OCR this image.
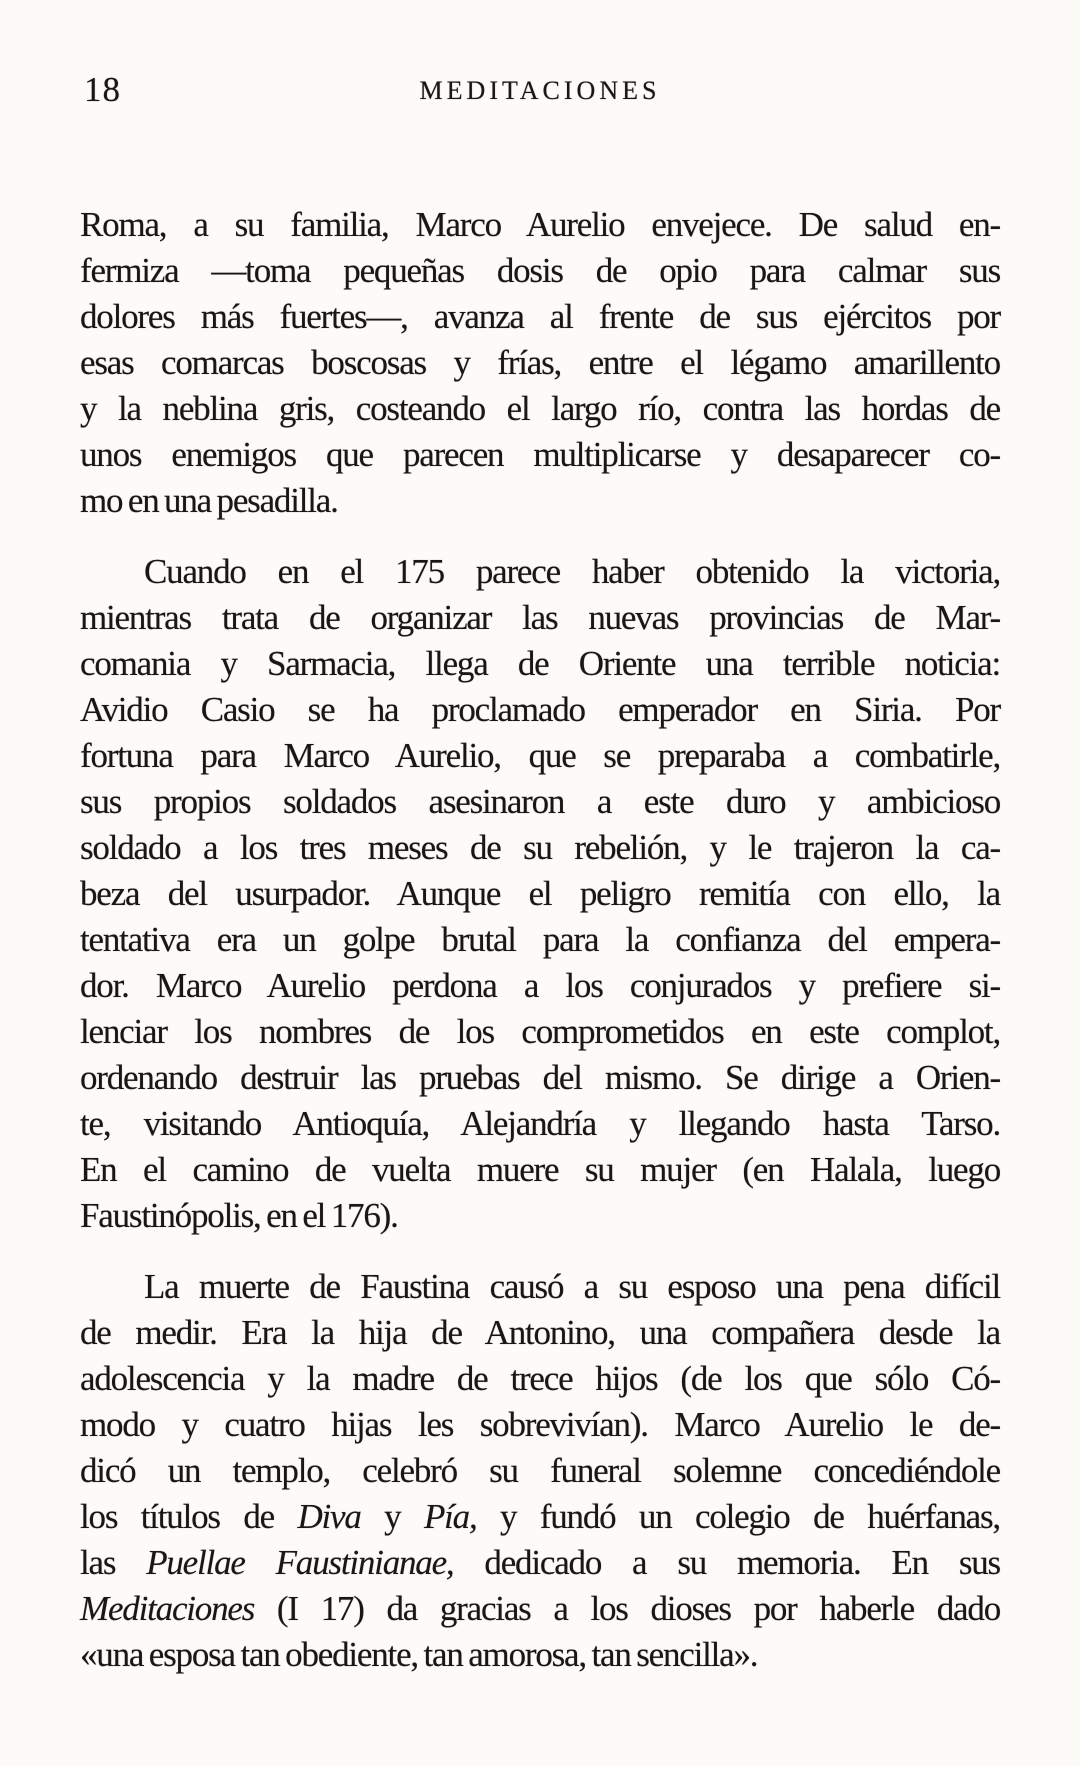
18	MEDITACIONES
Roma, a su familia, Marco Aurelio envejece. De salud en-
fermiza —toma pequeñas dosis de opio para calmar sus
dolores más fuertes—, avanza al frente de sus ejércitos por
esas comarcas boscosas y frías, entre el légamo amarillento
y la neblina gris, costeando el largo río, contra las hordas de
unos enemigos que parecen multiplicarse y desaparecer co-
mo en una pesadilla.
Cuando en el 175 parece haber obtenido la victoria,
mientras trata de organizar las nuevas provincias de Mar-
comania y Sarmacia, llega de Oriente una terrible noticia:
Avidio Casio se ha proclamado emperador en Siria. Por
fortuna para Marco Aurelio, que se preparaba a combatirle,
sus propios soldados asesinaron a este duro y ambicioso
soldado a los tres meses de su rebelión, y le trajeron la ca-
beza del usurpador. Aunque el peligro remitía con ello, la
tentativa era un golpe brutal para la confianza del empera-
dor. Marco Aurelio perdona a los conjurados y prefiere si-
lenciar los nombres de los comprometidos en este complot,
ordenando destruir las pruebas del mismo. Se dirige a Orien-
te, visitando Antioquía, Alejandría y llegando hasta Tarso.
En el camino de vuelta muere su mujer (en Halala, luego
Faustinópolis, en el 176).
La muerte de Faustina causó a su esposo una pena difícil
de medir. Era la hija de Antonino, una compañera desde la
adolescencia y la madre de trece hijos (de los que sólo Có-
modo y cuatro hijas les sobrevivían). Marco Aurelio le de-
dicó un templo, celebró su funeral solemne concediéndole
los títulos de Diva y Pía, y fundó un colegio de huérfanas,
las Puellae Faustinianae, dedicado a su memoria. En sus
Meditaciones (I 17) da gracias a los dioses por haberle dado
«una esposa tan obediente, tan amorosa, tan sencilla».
